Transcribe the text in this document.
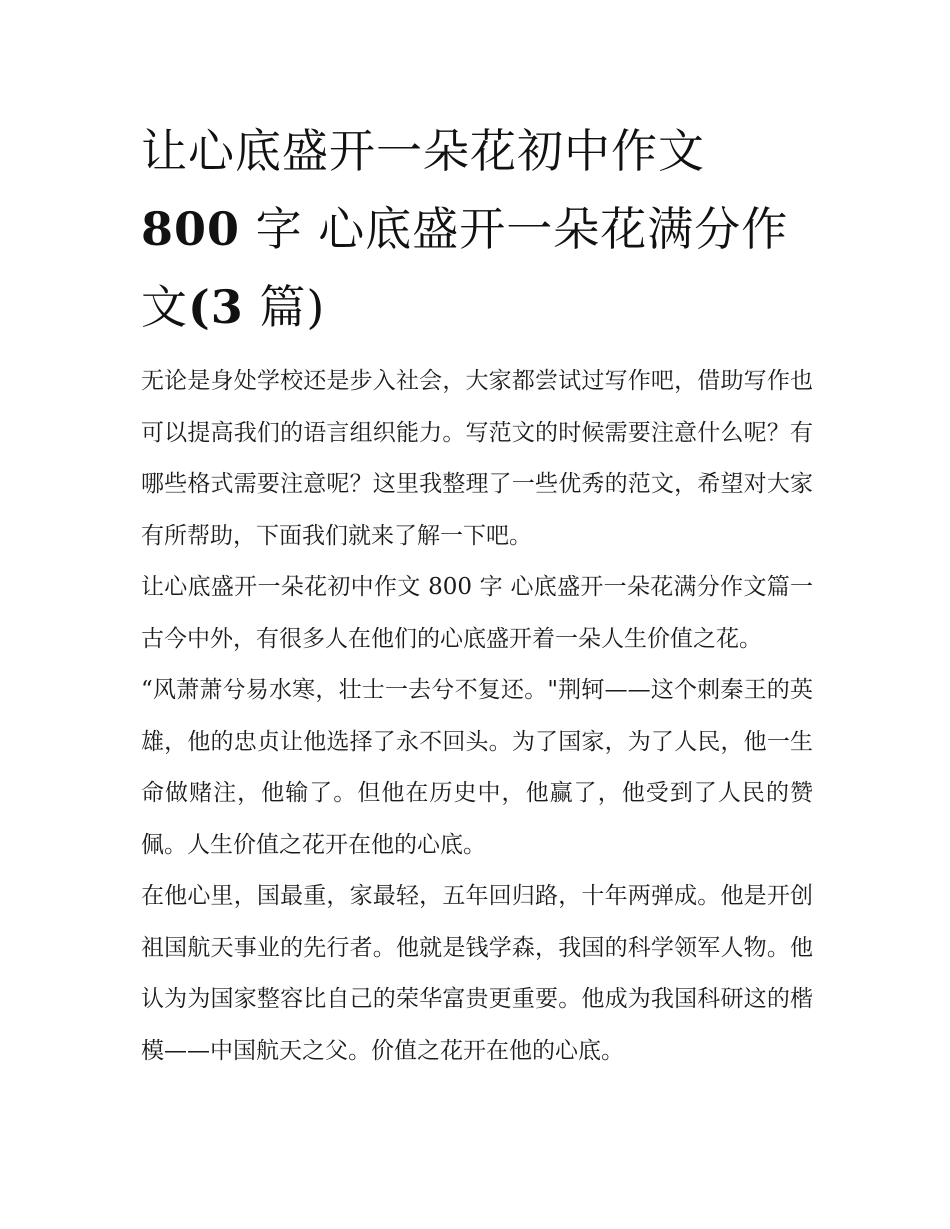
让心底盛开一朵花初中作文
800 字 心底盛开一朵花满分作
文(3 篇)

无论是身处学校还是步入社会，大家都尝试过写作吧，借助写作也可以提高我们的语言组织能力。写范文的时候需要注意什么呢？有哪些格式需要注意呢？这里我整理了一些优秀的范文，希望对大家有所帮助，下面我们就来了解一下吧。

让心底盛开一朵花初中作文 800 字 心底盛开一朵花满分作文篇一 古今中外，有很多人在他们的心底盛开着一朵人生价值之花。

“风萧萧兮易水寒，壮士一去兮不复还。"荆轲——这个刺秦王的英雄，他的忠贞让他选择了永不回头。为了国家，为了人民，他一生命做赌注，他输了。但他在历史中，他赢了，他受到了人民的赞佩。人生价值之花开在他的心底。

在他心里，国最重，家最轻，五年回归路，十年两弹成。他是开创祖国航天事业的先行者。他就是钱学森，我国的科学领军人物。他认为为国家整容比自己的荣华富贵更重要。他成为我国科研这的楷模——中国航天之父。价值之花开在他的心底。
